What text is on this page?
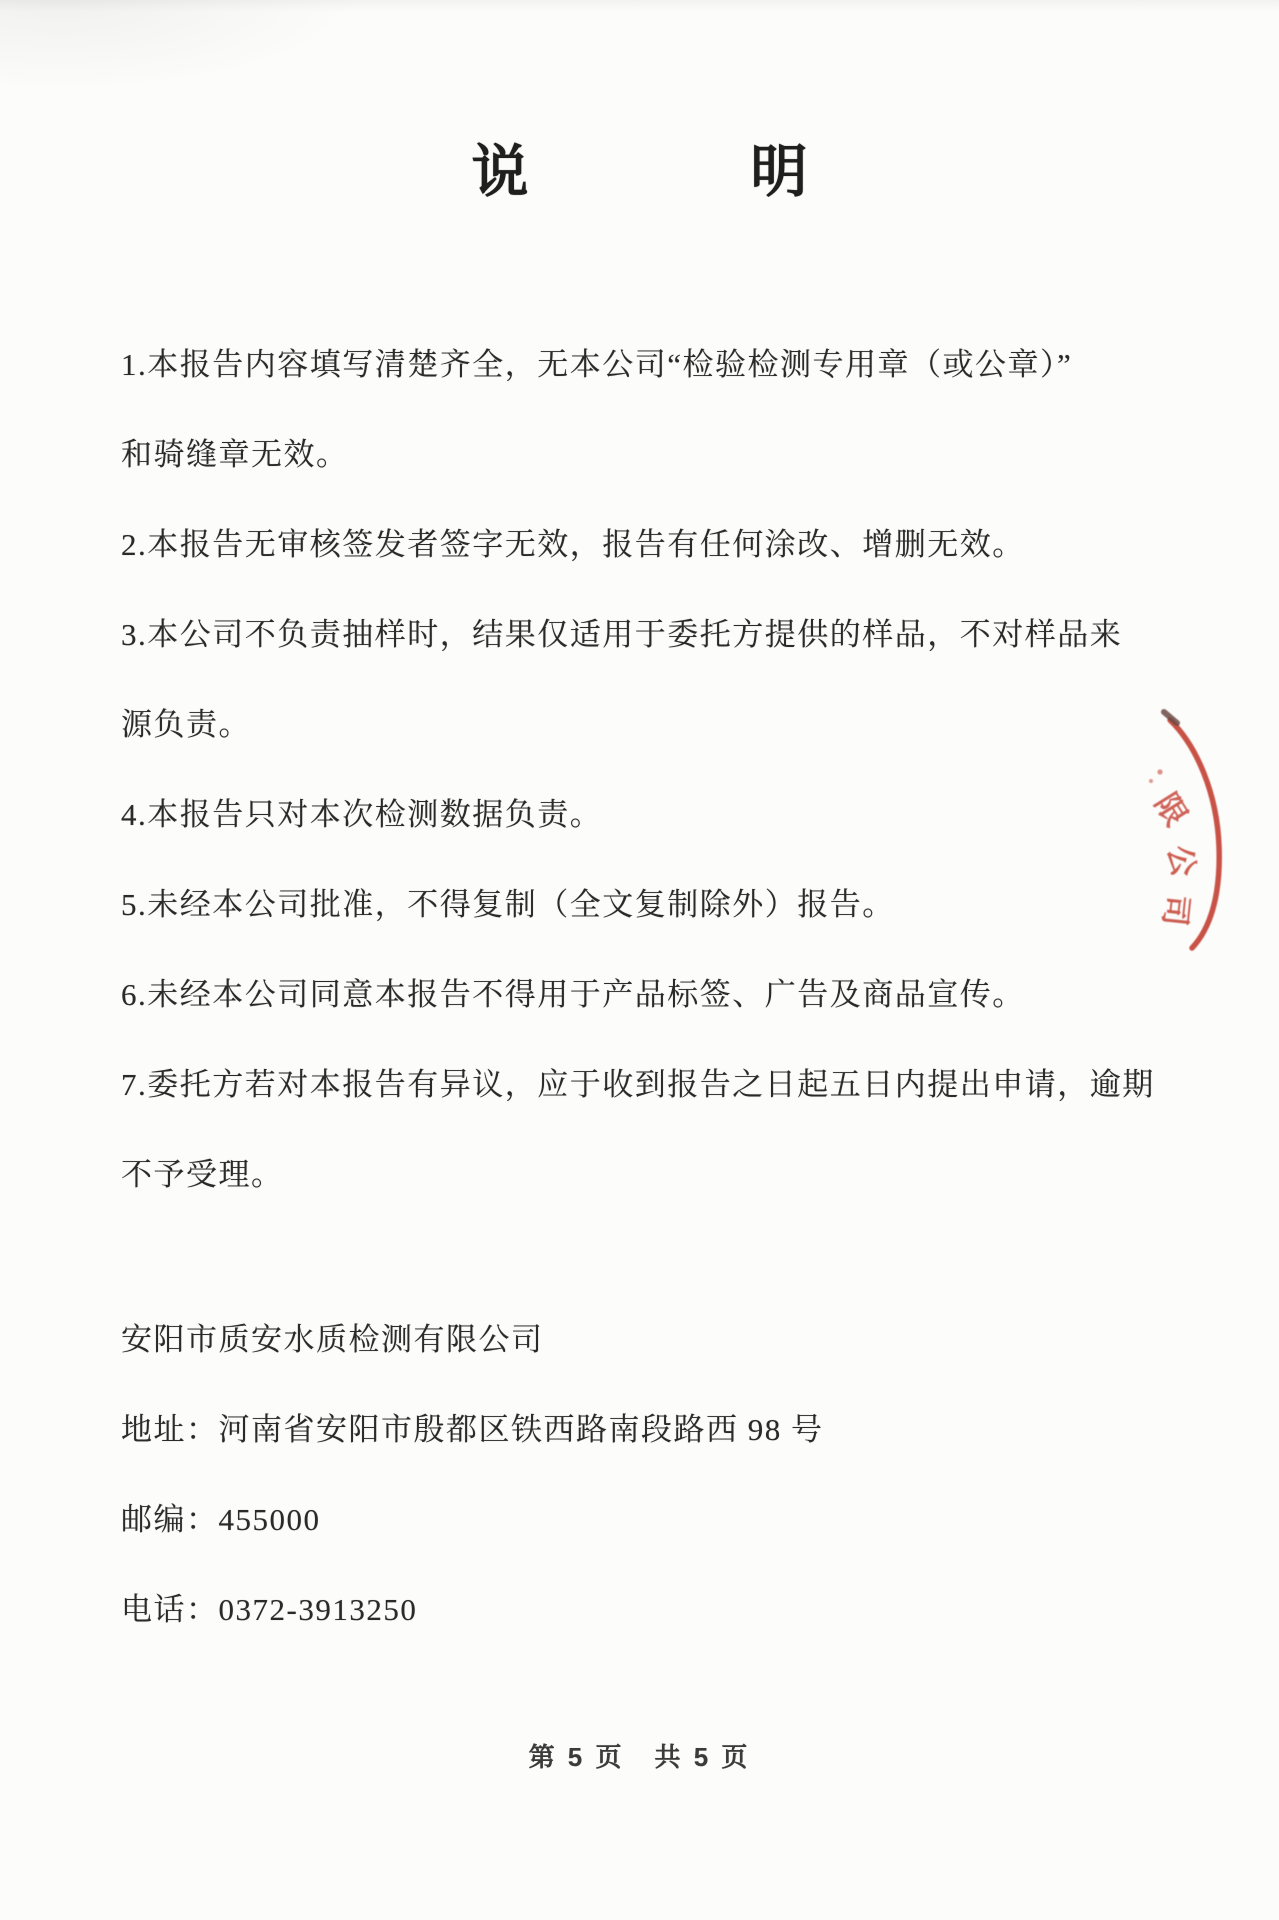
说	明
1.本报告内容填写清楚齐全，无本公司“检验检测专用章（或公章）”
和骑缝章无效。
2.本报告无审核签发者签字无效，报告有任何涂改、增删无效。
3.本公司不负责抽样时，结果仅适用于委托方提供的样品，不对样品来
源负责。
4.本报告只对本次检测数据负责。
5.未经本公司批准，不得复制（全文复制除外）报告。
6.未经本公司同意本报告不得用于产品标签、广告及商品宣传。
7.委托方若对本报告有异议，应于收到报告之日起五日内提出申请，逾期
不予受理。
安阳市质安水质检测有限公司
地址：河南省安阳市殷都区铁西路南段路西 98 号
邮编：455000
电话：0372-3913250
限
公
司
第 5 页 共 5 页
